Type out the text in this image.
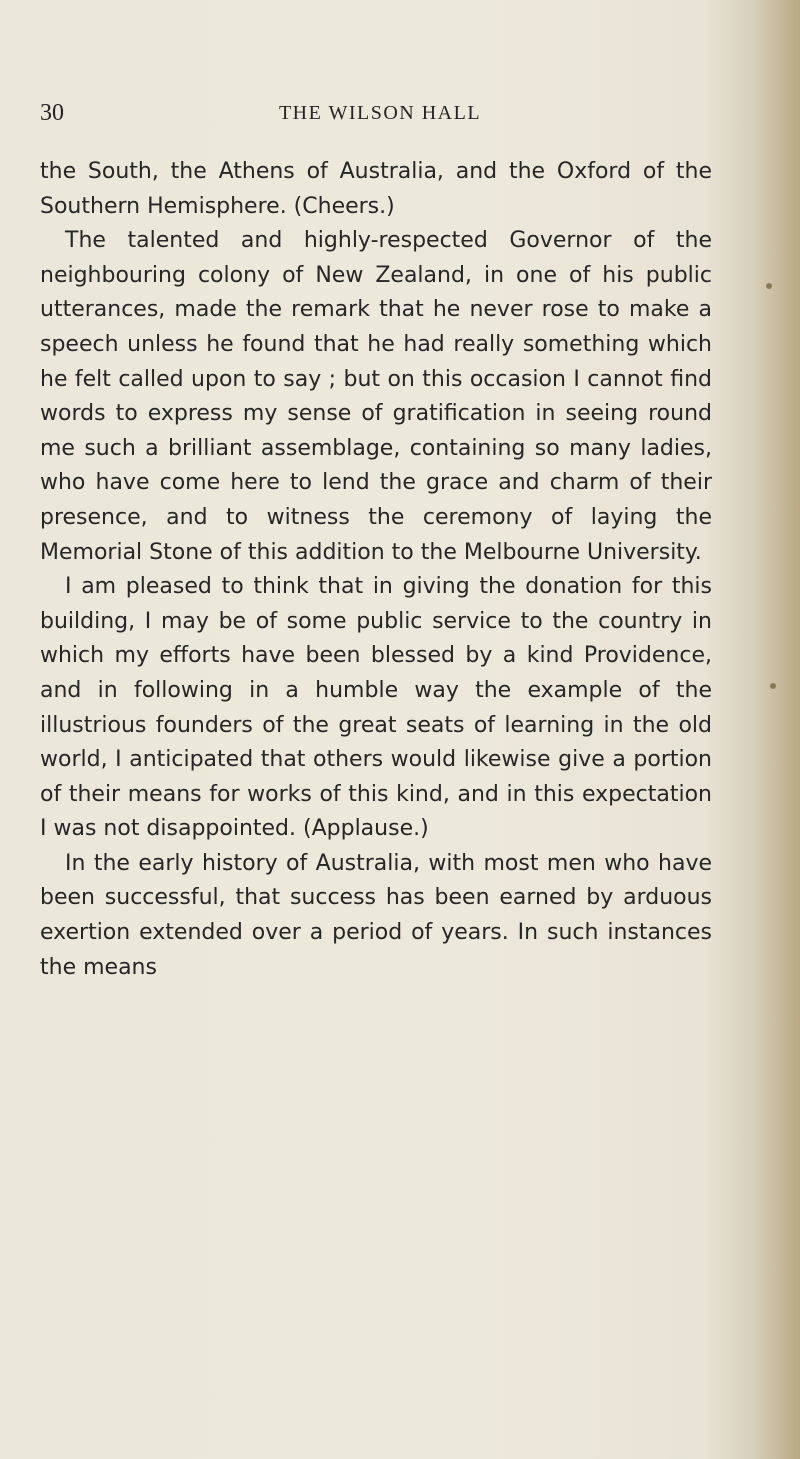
30	THE WILSON HALL

the South, the Athens of Australia, and the Oxford of the Southern Hemisphere. (Cheers.)

The talented and highly-respected Governor of the neighbouring colony of New Zealand, in one of his public utterances, made the remark that he never rose to make a speech unless he found that he had really something which he felt called upon to say ; but on this occasion I cannot find words to express my sense of gratification in seeing round me such a brilliant assemblage, containing so many ladies, who have come here to lend the grace and charm of their presence, and to witness the ceremony of laying the Memorial Stone of this addition to the Melbourne University.

I am pleased to think that in giving the donation for this building, I may be of some public service to the country in which my efforts have been blessed by a kind Providence, and in following in a humble way the example of the illustrious founders of the great seats of learning in the old world, I anticipated that others would likewise give a portion of their means for works of this kind, and in this expectation I was not disappointed. (Applause.)

In the early history of Australia, with most men who have been successful, that success has been earned by arduous exertion extended over a period of years. In such instances the means
